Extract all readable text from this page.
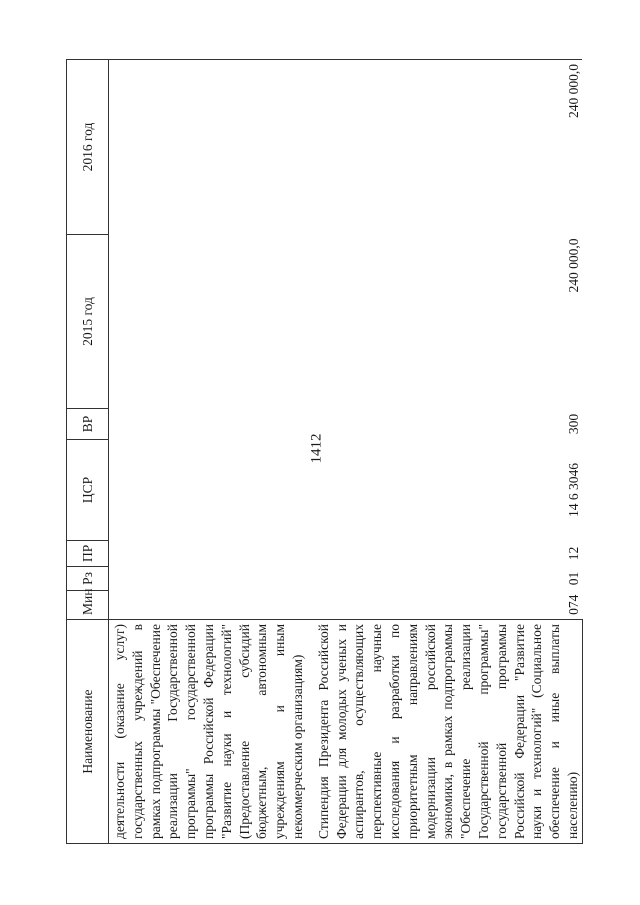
1412
Наименование	Мин	Рз	ПР	ЦСР	ВР	2015 год	2016 год
деятельности (оказание услуг) государственных учреждений в рамках подпрограммы "Обеспечение реализации Государственной программы" государственной программы Российской Федерации "Развитие науки и технологий" (Предоставление субсидий бюджетным, автономным учреждениям и иным некоммерческим организациям)							
Стипендия Президента Российской Федерации для молодых ученых и аспирантов, осуществляющих перспективные научные исследования и разработки по приоритетным направлениям модернизации российской экономики, в рамках подпрограммы "Обеспечение реализации Государственной программы" государственной программы Российской Федерации "Развитие науки и технологий" (Социальное обеспечение и иные выплаты населению)	074	01	12	14 6 3046	300	240 000,0	240 000,0
